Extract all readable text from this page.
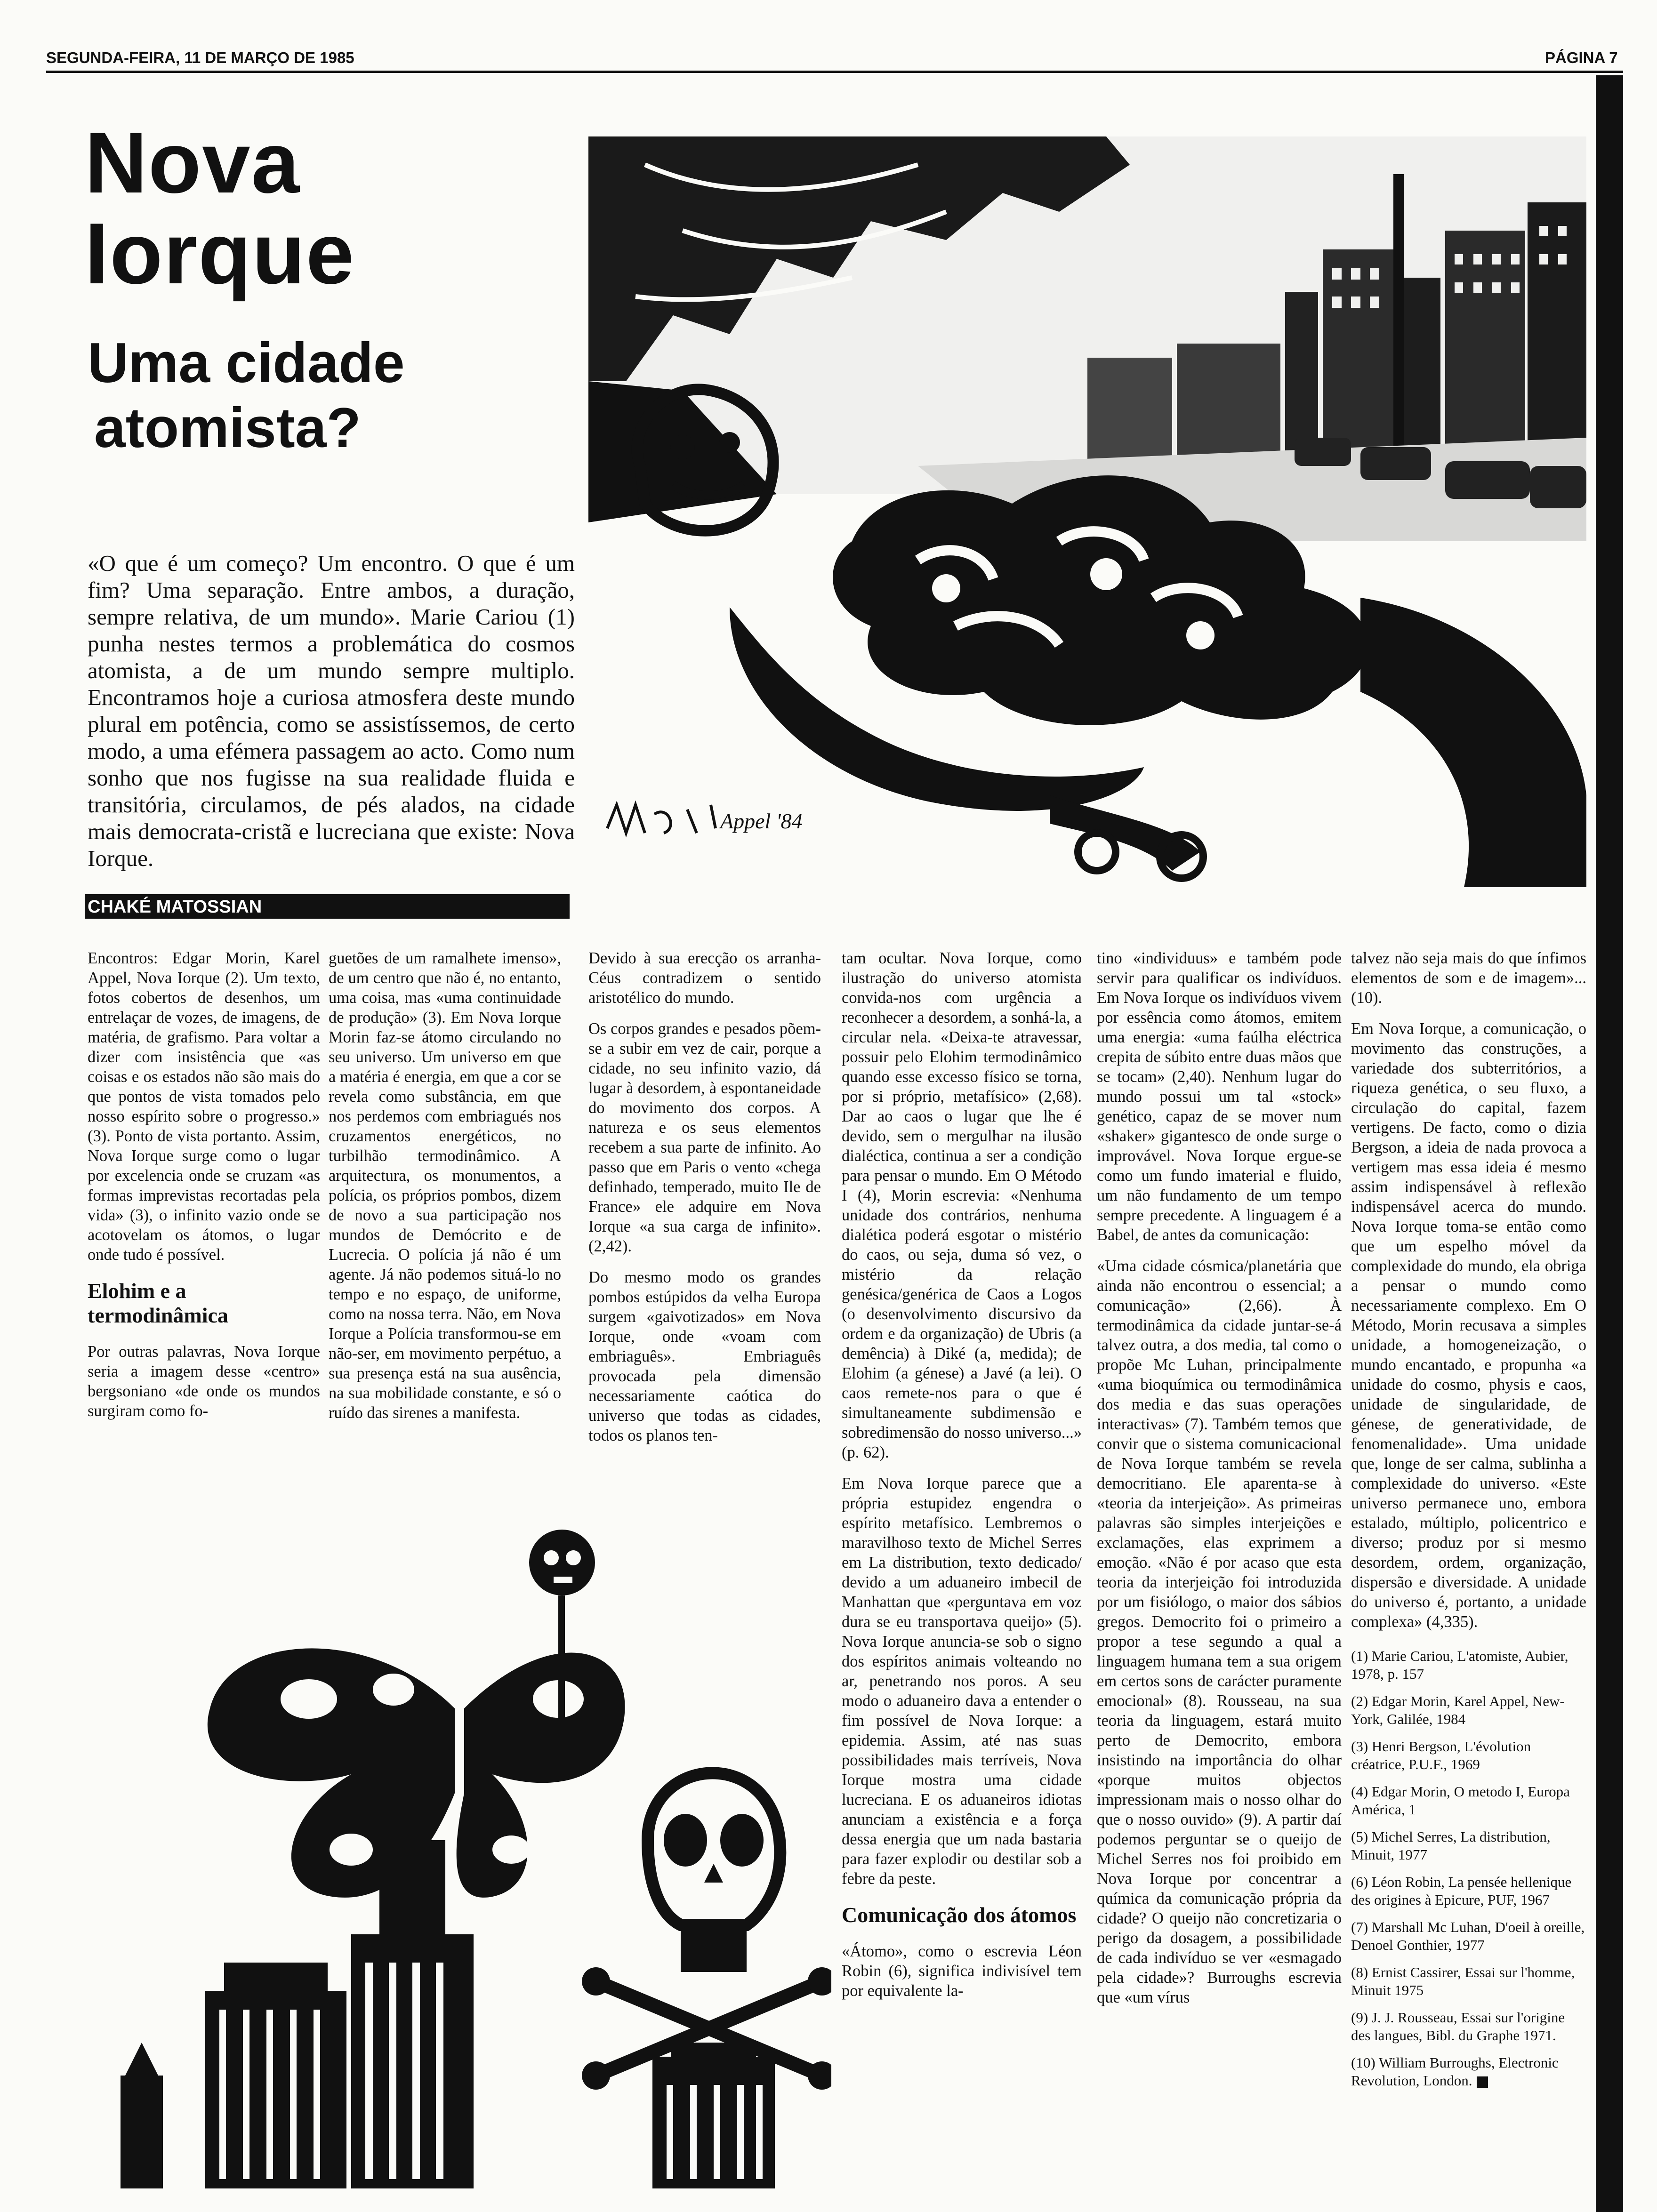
SEGUNDA-FEIRA, 11 DE MARÇO DE 1985	PÁGINA 7
Nova
Iorque
Uma cidade
atomista?
«O que é um começo? Um encontro. O que é um fim? Uma separação. Entre ambos, a duração, sempre relativa, de um mundo». Marie Cariou (1) punha nestes termos a problemática do cosmos atomista, a de um mundo sempre multiplo. Encontramos hoje a curiosa atmosfera deste mundo plural em potência, como se assistíssemos, de certo modo, a uma efémera passagem ao acto. Como num sonho que nos fugisse na sua realidade fluida e transitória, circulamos, de pés alados, na cidade mais democrata-cristã e lucreciana que existe: Nova Iorque.
Appel '84
CHAKÉ MATOSSIAN

Encontros: Edgar Morin, Karel Appel, Nova Iorque (2). Um texto, fotos cobertos de desenhos, um entrelaçar de vozes, de imagens, de matéria, de grafismo. Para voltar a dizer com insistência que «as coisas e os estados não são mais do que pontos de vista tomados pelo nosso espírito sobre o progresso.» (3). Ponto de vista portanto. Assim, Nova Iorque surge como o lugar por excelencia onde se cruzam «as formas imprevistas recortadas pela vida» (3), o infinito vazio onde se acotovelam os átomos, o lugar onde tudo é possível.

Elohim e a termodinâmica

Por outras palavras, Nova Iorque seria a imagem desse «centro» bergsoniano «de onde os mundos surgiram como fo-

guetões de um ramalhete imenso», de um centro que não é, no entanto, uma coisa, mas «uma continuidade de produção» (3). Em Nova Iorque Morin faz-se átomo circulando no seu universo. Um universo em que a matéria é energia, em que a cor se revela como substância, em que nos perdemos com embriagués nos cruzamentos energéticos, no turbilhão termodinâmico. A arquitectura, os monumentos, a polícia, os próprios pombos, dizem de novo a sua participação nos mundos de Demócrito e de Lucrecia. O polícia já não é um agente. Já não podemos situá-lo no tempo e no espaço, de uniforme, como na nossa terra. Não, em Nova Iorque a Polícia transformou-se em não-ser, em movimento perpétuo, a sua presença está na sua ausência, na sua mobilidade constante, e só o ruído das sirenes a manifesta.

Devido à sua erecção os arranha-Céus contradizem o sentido aristotélico do mundo.

Os corpos grandes e pesados põem-se a subir em vez de cair, porque a cidade, no seu infinito vazio, dá lugar à desordem, à espontaneidade do movimento dos corpos. A natureza e os seus elementos recebem a sua parte de infinito. Ao passo que em Paris o vento «chega definhado, temperado, muito Ile de France» ele adquire em Nova Iorque «a sua carga de infinito». (2,42).

Do mesmo modo os grandes pombos estúpidos da velha Europa surgem «gaivotizados» em Nova Iorque, onde «voam com embriaguês». Embriaguês provocada pela dimensão necessariamente caótica do universo que todas as cidades, todos os planos ten-

tam ocultar. Nova Iorque, como ilustração do universo atomista convida-nos com urgência a reconhecer a desordem, a sonhá-la, a circular nela. «Deixa-te atravessar, possuir pelo Elohim termodinâmico quando esse excesso físico se torna, por si próprio, metafísico» (2,68). Dar ao caos o lugar que lhe é devido, sem o mergulhar na ilusão dialéctica, continua a ser a condição para pensar o mundo. Em O Método I (4), Morin escrevia: «Nenhuma unidade dos contrários, nenhuma dialética poderá esgotar o mistério do caos, ou seja, duma só vez, o mistério da relação genésica/genérica de Caos a Logos (o desenvolvimento discursivo da ordem e da organização) de Ubris (a demência) à Diké (a, medida); de Elohim (a génese) a Javé (a lei). O caos remete-nos para o que é simultaneamente subdimensão e sobredimensão do nosso universo...» (p. 62).

Em Nova Iorque parece que a própria estupidez engendra o espírito metafísico. Lembremos o maravilhoso texto de Michel Serres em La distribution, texto dedicado/ devido a um aduaneiro imbecil de Manhattan que «perguntava em voz dura se eu transportava queijo» (5). Nova Iorque anuncia-se sob o signo dos espíritos animais volteando no ar, penetrando nos poros. A seu modo o aduaneiro dava a entender o fim possível de Nova Iorque: a epidemia. Assim, até nas suas possibilidades mais terríveis, Nova Iorque mostra uma cidade lucreciana. E os aduaneiros idiotas anunciam a existência e a força dessa energia que um nada bastaria para fazer explodir ou destilar sob a febre da peste.

Comunicação dos átomos

«Átomo», como o escrevia Léon Robin (6), significa indivisível tem por equivalente la-

tino «individuus» e também pode servir para qualificar os indivíduos. Em Nova Iorque os indivíduos vivem por essência como átomos, emitem uma energia: «uma faúlha eléctrica crepita de súbito entre duas mãos que se tocam» (2,40). Nenhum lugar do mundo possui um tal «stock» genético, capaz de se mover num «shaker» gigantesco de onde surge o improvável. Nova Iorque ergue-se como um fundo imaterial e fluido, um não fundamento de um tempo sempre precedente. A linguagem é a Babel, de antes da comunicação:

«Uma cidade cósmica/planetária que ainda não encontrou o essencial; a comunicação» (2,66). À termodinâmica da cidade juntar-se-á talvez outra, a dos media, tal como o propõe Mc Luhan, principalmente «uma bioquímica ou termodinâmica dos media e das suas operações interactivas» (7). Também temos que convir que o sistema comunicacional de Nova Iorque também se revela democritiano. Ele aparenta-se à «teoria da interjeição». As primeiras palavras são simples interjeições e exclamações, elas exprimem a emoção. «Não é por acaso que esta teoria da interjeição foi introduzida por um fisiólogo, o maior dos sábios gregos. Democrito foi o primeiro a propor a tese segundo a qual a linguagem humana tem a sua origem em certos sons de carácter puramente emocional» (8). Rousseau, na sua teoria da linguagem, estará muito perto de Democrito, embora insistindo na importância do olhar «porque muitos objectos impressionam mais o nosso olhar do que o nosso ouvido» (9). A partir daí podemos perguntar se o queijo de Michel Serres nos foi proibido em Nova Iorque por concentrar a química da comunicação própria da cidade? O queijo não concretizaria o perigo da dosagem, a possibilidade de cada indivíduo se ver «esmagado pela cidade»? Burroughs escrevia que «um vírus

talvez não seja mais do que ínfimos elementos de som e de imagem»...(10).

Em Nova Iorque, a comunicação, o movimento das construções, a variedade dos subterritórios, a riqueza genética, o seu fluxo, a circulação do capital, fazem vertigens. De facto, como o dizia Bergson, a ideia de nada provoca a vertigem mas essa ideia é mesmo assim indispensável à reflexão indispensável acerca do mundo. Nova Iorque toma-se então como que um espelho móvel da complexidade do mundo, ela obriga a pensar o mundo como necessariamente complexo. Em O Método, Morin recusava a simples unidade, a homogeneização, o mundo encantado, e propunha «a unidade do cosmo, physis e caos, unidade de singularidade, de génese, de generatividade, de fenomenalidade». Uma unidade que, longe de ser calma, sublinha a complexidade do universo. «Este universo permanece uno, embora estalado, múltiplo, policentrico e diverso; produz por si mesmo desordem, ordem, organização, dispersão e diversidade. A unidade do universo é, portanto, a unidade complexa» (4,335).

(1) Marie Cariou, L'atomiste, Aubier, 1978, p. 157

(2) Edgar Morin, Karel Appel, New-York, Galilée, 1984

(3) Henri Bergson, L'évolution créatrice, P.U.F., 1969

(4) Edgar Morin, O metodo I, Europa América, 1

(5) Michel Serres, La distribution, Minuit, 1977

(6) Léon Robin, La pensée hellenique des origines à Epicure, PUF, 1967

(7) Marshall Mc Luhan, D'oeil à oreille, Denoel Gonthier, 1977

(8) Ernist Cassirer, Essai sur l'homme, Minuit 1975

(9) J. J. Rousseau, Essai sur l'origine des langues, Bibl. du Graphe 1971.

(10) William Burroughs, Electronic Revolution, London.
